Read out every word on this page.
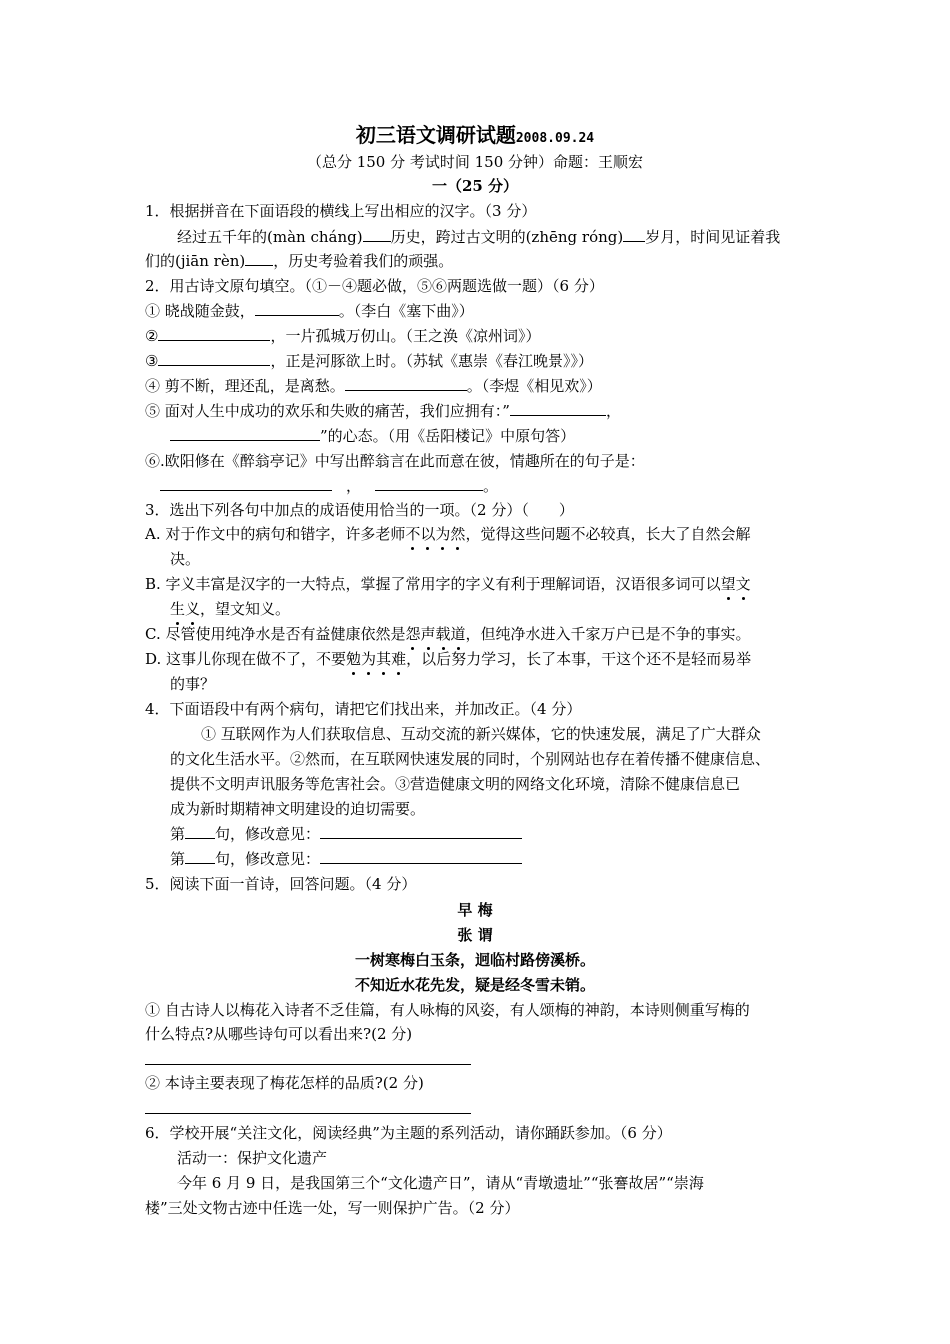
初三语文调研试题2008.09.24
（总分 150 分 考试时间 150 分钟）命题：王顺宏
一（25 分）
1．根据拼音在下面语段的横线上写出相应的汉字。（3 分）
经过五千年的(màn cháng) 历史，跨过古文明的(zhēng róng) 岁月，时间见证着我
们的(jiān rèn) ，历史考验着我们的顽强。
2．用古诗文原句填空。（①－④题必做，⑤⑥两题选做一题）（6 分）
① 晓战随金鼓，	。（李白《塞下曲》）
②	，一片孤城万仞山。（王之涣《凉州词》）
③	，正是河豚欲上时。（苏轼《惠崇《春江晚景》》）
④ 剪不断，理还乱，是离愁。	。（李煜《相见欢》）
⑤ 面对人生中成功的欢乐和失败的痛苦，我们应拥有：”	，
”的心态。（用《岳阳楼记》中原句答）
⑥.欧阳修在《醉翁亭记》中写出醉翁言在此而意在彼，情趣所在的句子是：
，	。
3．选出下列各句中加点的成语使用恰当的一项。（2 分）（　　）
A. 对于作文中的病句和错字，许多老师不以为然，觉得这些问题不必较真，长大了自然会解
决。
B. 字义丰富是汉字的一大特点，掌握了常用字的字义有利于理解词语，汉语很多词可以望文
生义，望文知义。
C. 尽管使用纯净水是否有益健康依然是怨声载道，但纯净水进入千家万户已是不争的事实。
D. 这事儿你现在做不了，不要勉为其难，以后努力学习，长了本事，干这个还不是轻而易举
的事？
4．下面语段中有两个病句，请把它们找出来，并加改正。（4 分）
① 互联网作为人们获取信息、互动交流的新兴媒体，它的快速发展，满足了广大群众
的文化生活水平。②然而，在互联网快速发展的同时，个别网站也存在着传播不健康信息、
提供不文明声讯服务等危害社会。③营造健康文明的网络文化环境，清除不健康信息已
成为新时期精神文明建设的迫切需要。
第 句，修改意见：
第 句，修改意见：
5．阅读下面一首诗，回答问题。（4 分）
早 梅
张 谓
一树寒梅白玉条，迥临村路傍溪桥。
不知近水花先发，疑是经冬雪未销。
① 自古诗人以梅花入诗者不乏佳篇，有人咏梅的风姿，有人颂梅的神韵，本诗则侧重写梅的
什么特点?从哪些诗句可以看出来?(2 分)
② 本诗主要表现了梅花怎样的品质?(2 分)
6．学校开展“关注文化，阅读经典”为主题的系列活动，请你踊跃参加。（6 分）
活动一：保护文化遗产
今年 6 月 9 日，是我国第三个“文化遗产日”，请从“青墩遗址”“张謇故居”“崇海
楼”三处文物古迹中任选一处，写一则保护广告。（2 分）
